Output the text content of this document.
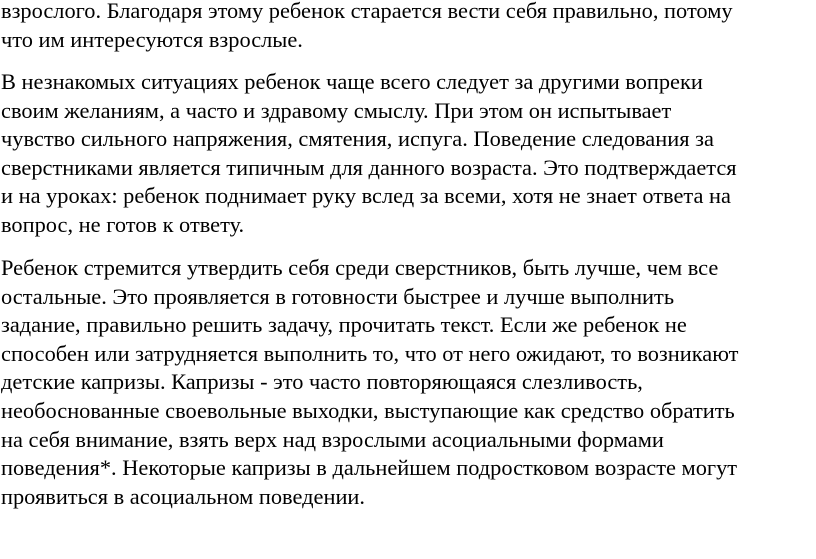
взрослого. Благодаря этому ребенок старается вести себя правильно, потому
что им интересуются взрослые.

В незнакомых ситуациях ребенок чаще всего следует за другими вопреки
своим желаниям, а часто и здравому смыслу. При этом он испытывает
чувство сильного напряжения, смятения, испуга. Поведение следования за
сверстниками является типичным для данного возраста. Это подтверждается
и на уроках: ребенок поднимает руку вслед за всеми, хотя не знает ответа на
вопрос, не готов к ответу.

Ребенок стремится утвердить себя среди сверстников, быть лучше, чем все
остальные. Это проявляется в готовности быстрее и лучше выполнить
задание, правильно решить задачу, прочитать текст. Если же ребенок не
способен или затрудняется выполнить то, что от него ожидают, то возникают
детские капризы. Капризы - это часто повторяющаяся слезливость,
необоснованные своевольные выходки, выступающие как средство обратить
на себя внимание, взять верх над взрослыми асоциальными формами
поведения*. Некоторые капризы в дальнейшем подростковом возрасте могут
проявиться в асоциальном поведении.
